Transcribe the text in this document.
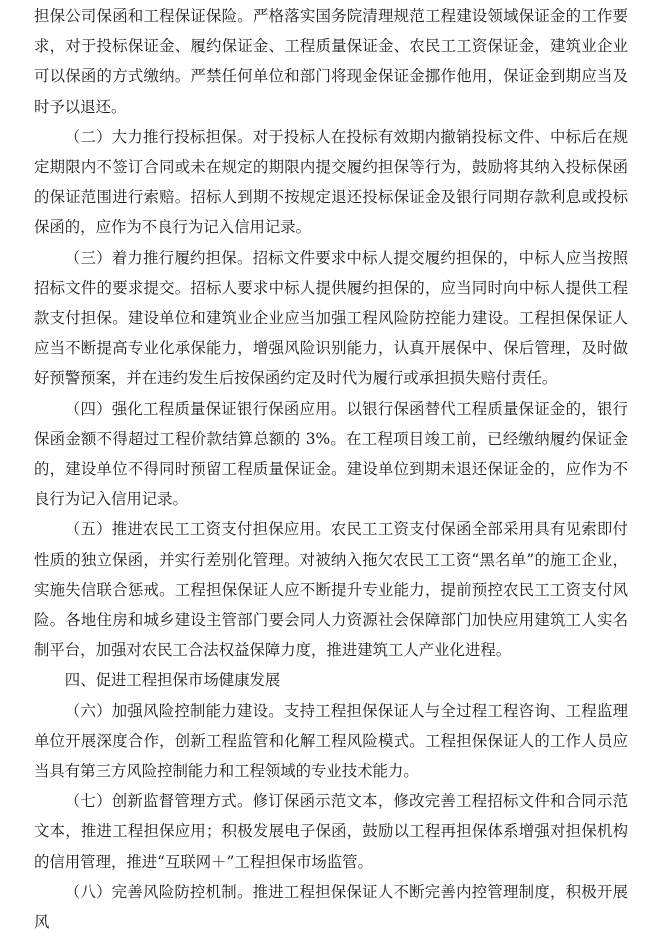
担保公司保函和工程保证保险。严格落实国务院清理规范工程建设领域保证金的工作要求，对于投标保证金、履约保证金、工程质量保证金、农民工工资保证金，建筑业企业可以保函的方式缴纳。严禁任何单位和部门将现金保证金挪作他用，保证金到期应当及时予以退还。

（二）大力推行投标担保。对于投标人在投标有效期内撤销投标文件、中标后在规定期限内不签订合同或未在规定的期限内提交履约担保等行为，鼓励将其纳入投标保函的保证范围进行索赔。招标人到期不按规定退还投标保证金及银行同期存款利息或投标保函的，应作为不良行为记入信用记录。

（三）着力推行履约担保。招标文件要求中标人提交履约担保的，中标人应当按照招标文件的要求提交。招标人要求中标人提供履约担保的，应当同时向中标人提供工程款支付担保。建设单位和建筑业企业应当加强工程风险防控能力建设。工程担保保证人应当不断提高专业化承保能力，增强风险识别能力，认真开展保中、保后管理，及时做好预警预案，并在违约发生后按保函约定及时代为履行或承担损失赔付责任。

（四）强化工程质量保证银行保函应用。以银行保函替代工程质量保证金的，银行保函金额不得超过工程价款结算总额的 3%。在工程项目竣工前，已经缴纳履约保证金的，建设单位不得同时预留工程质量保证金。建设单位到期未退还保证金的，应作为不良行为记入信用记录。

（五）推进农民工工资支付担保应用。农民工工资支付保函全部采用具有见索即付性质的独立保函，并实行差别化管理。对被纳入拖欠农民工工资“黑名单”的施工企业，实施失信联合惩戒。工程担保保证人应不断提升专业能力，提前预控农民工工资支付风险。各地住房和城乡建设主管部门要会同人力资源社会保障部门加快应用建筑工人实名制平台，加强对农民工合法权益保障力度，推进建筑工人产业化进程。

四、促进工程担保市场健康发展

（六）加强风险控制能力建设。支持工程担保保证人与全过程工程咨询、工程监理单位开展深度合作，创新工程监管和化解工程风险模式。工程担保保证人的工作人员应当具有第三方风险控制能力和工程领域的专业技术能力。

（七）创新监督管理方式。修订保函示范文本，修改完善工程招标文件和合同示范文本，推进工程担保应用；积极发展电子保函，鼓励以工程再担保体系增强对担保机构的信用管理，推进“互联网＋”工程担保市场监管。

（八）完善风险防控机制。推进工程担保保证人不断完善内控管理制度，积极开展风
